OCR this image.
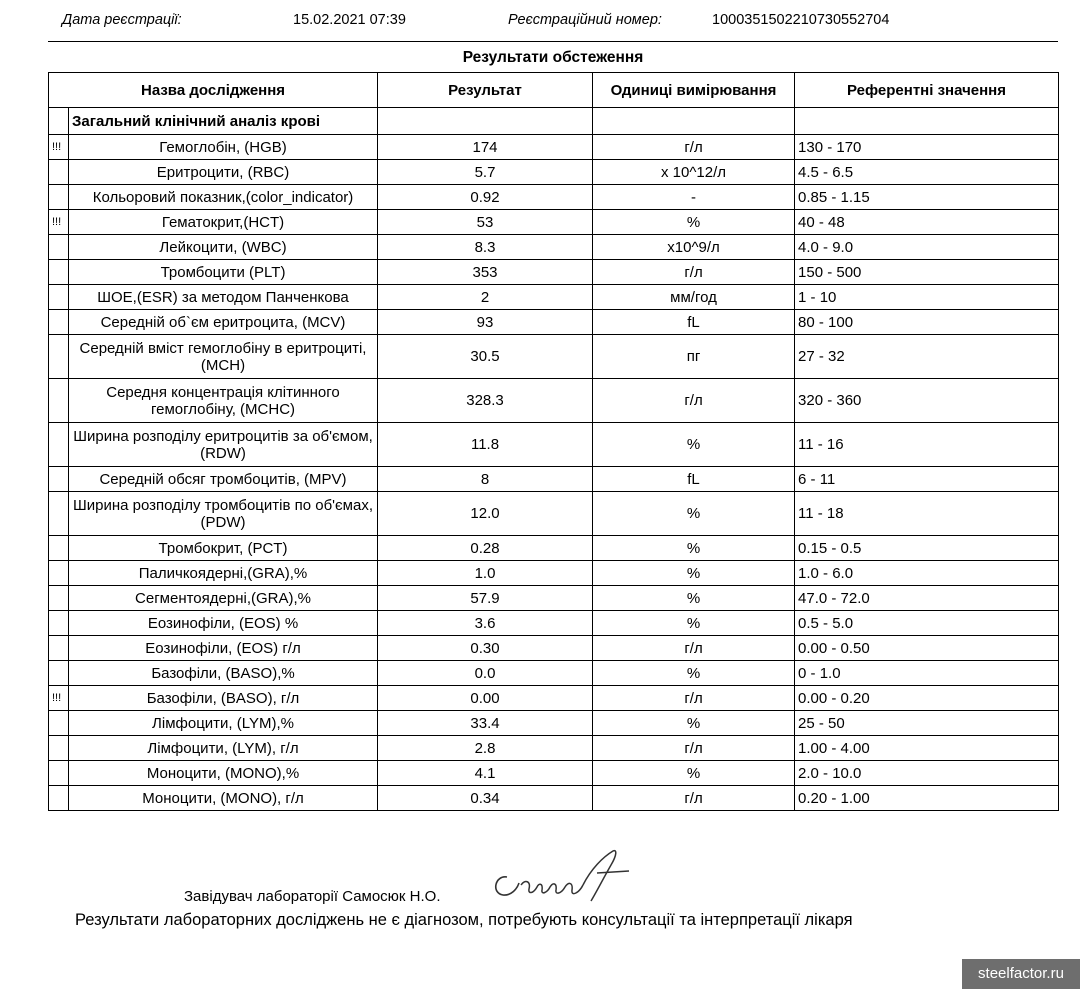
Дата реєстрації:	15.02.2021 07:39	Реєстраційний номер:	100035150221073055270​4
Результати обстеження
Назва дослідження		Результат	Одиниці вимірювання	Референтні значення
	Загальний клінічний аналіз крові			
!!!	Гемоглобін, (HGB)	174	г/л	130 - 170
	Еритроцити, (RBC)	5.7	x 10^12/л	4.5 - 6.5
	Кольоровий показник,(color_indicator)	0.92	-	0.85 - 1.15
!!!	Гематокрит,(HCT)	53	%	40 - 48
	Лейкоцити, (WBC)	8.3	x10^9/л	4.0 - 9.0
	Тромбоцити (PLT)	353	г/л	150 - 500
	ШОЕ,(ESR) за методом Панченкова	2	мм/год	1 - 10
	Середній об`єм еритроцита, (MCV)	93	fL	80 - 100
	Середній вміст гемоглобіну в еритроциті, (MCH)	30.5	пг	27 - 32
	Середня концентрація клітинного гемоглобіну, (MCHC)	328.3	г/л	320 - 360
	Ширина розподілу еритроцитів за об'ємом, (RDW)	11.8	%	11 - 16
	Середній обсяг тромбоцитів, (MPV)	8	fL	6 - 11
	Ширина розподілу тромбоцитів по об'ємах, (PDW)	12.0	%	11 - 18
	Тромбокрит, (PCT)	0.28	%	0.15 - 0.5
	Паличкоядерні,(GRA),%	1.0	%	1.0 - 6.0
	Сегментоядерні,(GRA),%	57.9	%	47.0 - 72.0
	Еозинофіли, (EOS) %	3.6	%	0.5 - 5.0
	Еозинофіли, (EOS) г/л	0.30	г/л	0.00 - 0.50
	Базофіли, (BASO),%	0.0	%	0 - 1.0
!!!	Базофіли, (BASO), г/л	0.00	г/л	0.00 - 0.20
	Лімфоцити, (LYM),%	33.4	%	25 - 50
	Лімфоцити, (LYM), г/л	2.8	г/л	1.00 - 4.00
	Моноцити, (MONO),%	4.1	%	2.0 - 10.0
	Моноцити, (MONO), г/л	0.34	г/л	0.20 - 1.00
Завідувач лабораторії Самосюк Н.О.
Результати лабораторних досліджень не є діагнозом, потребують консультації та інтерпретації лікаря
steelfactor.ru
